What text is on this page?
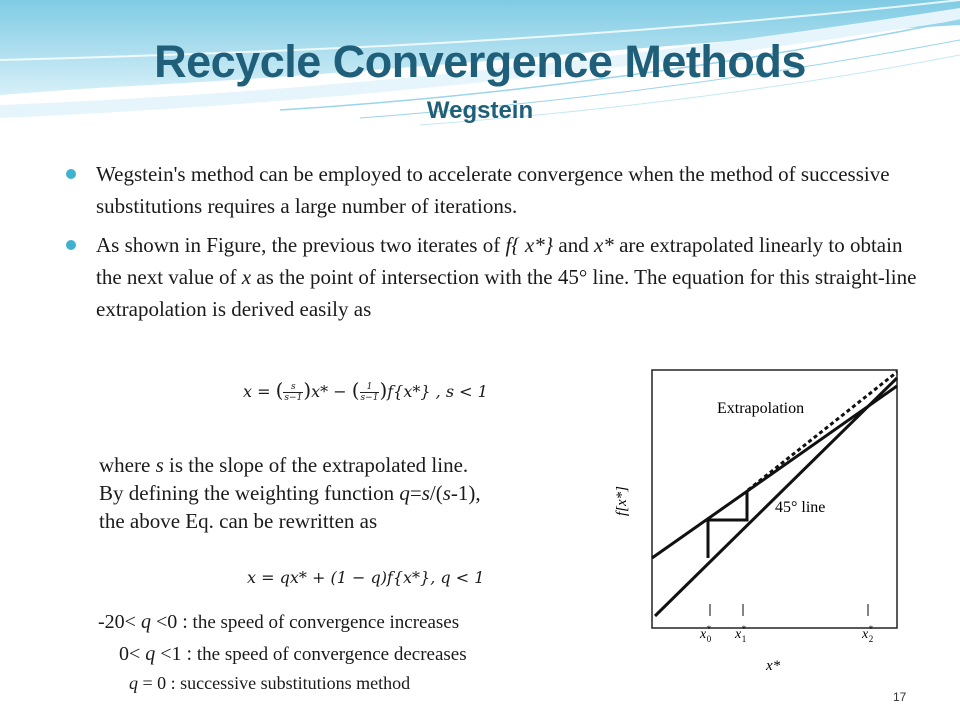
Recycle Convergence Methods
Wegstein

Wegstein's method can be employed to accelerate convergence when the method of successive substitutions requires a large number of iterations.

As shown in Figure, the previous two iterates of f{ x*} and x* are extrapolated linearly to obtain the next value of x as the point of intersection with the 45° line. The equation for this straight-line extrapolation is derived easily as

x = ( $\frac{s}{s-1} )x*$ − ( $\frac{1}{s-1} )f\{x*\}$ , s < 1
where s is the slope of the extrapolated line.
By defining the weighting function q=s/(s-1),
the above Eq. can be rewritten as
x = qx* + (1 − q)f{x*}, q < 1
-20< q <0 : the speed of convergence increases
0< q <1 : the speed of convergence decreases
q = 0 : successive substitutions method
Extrapolation
45° line
f[x*]
x*
x* 0 x* 1	x* 2
17
